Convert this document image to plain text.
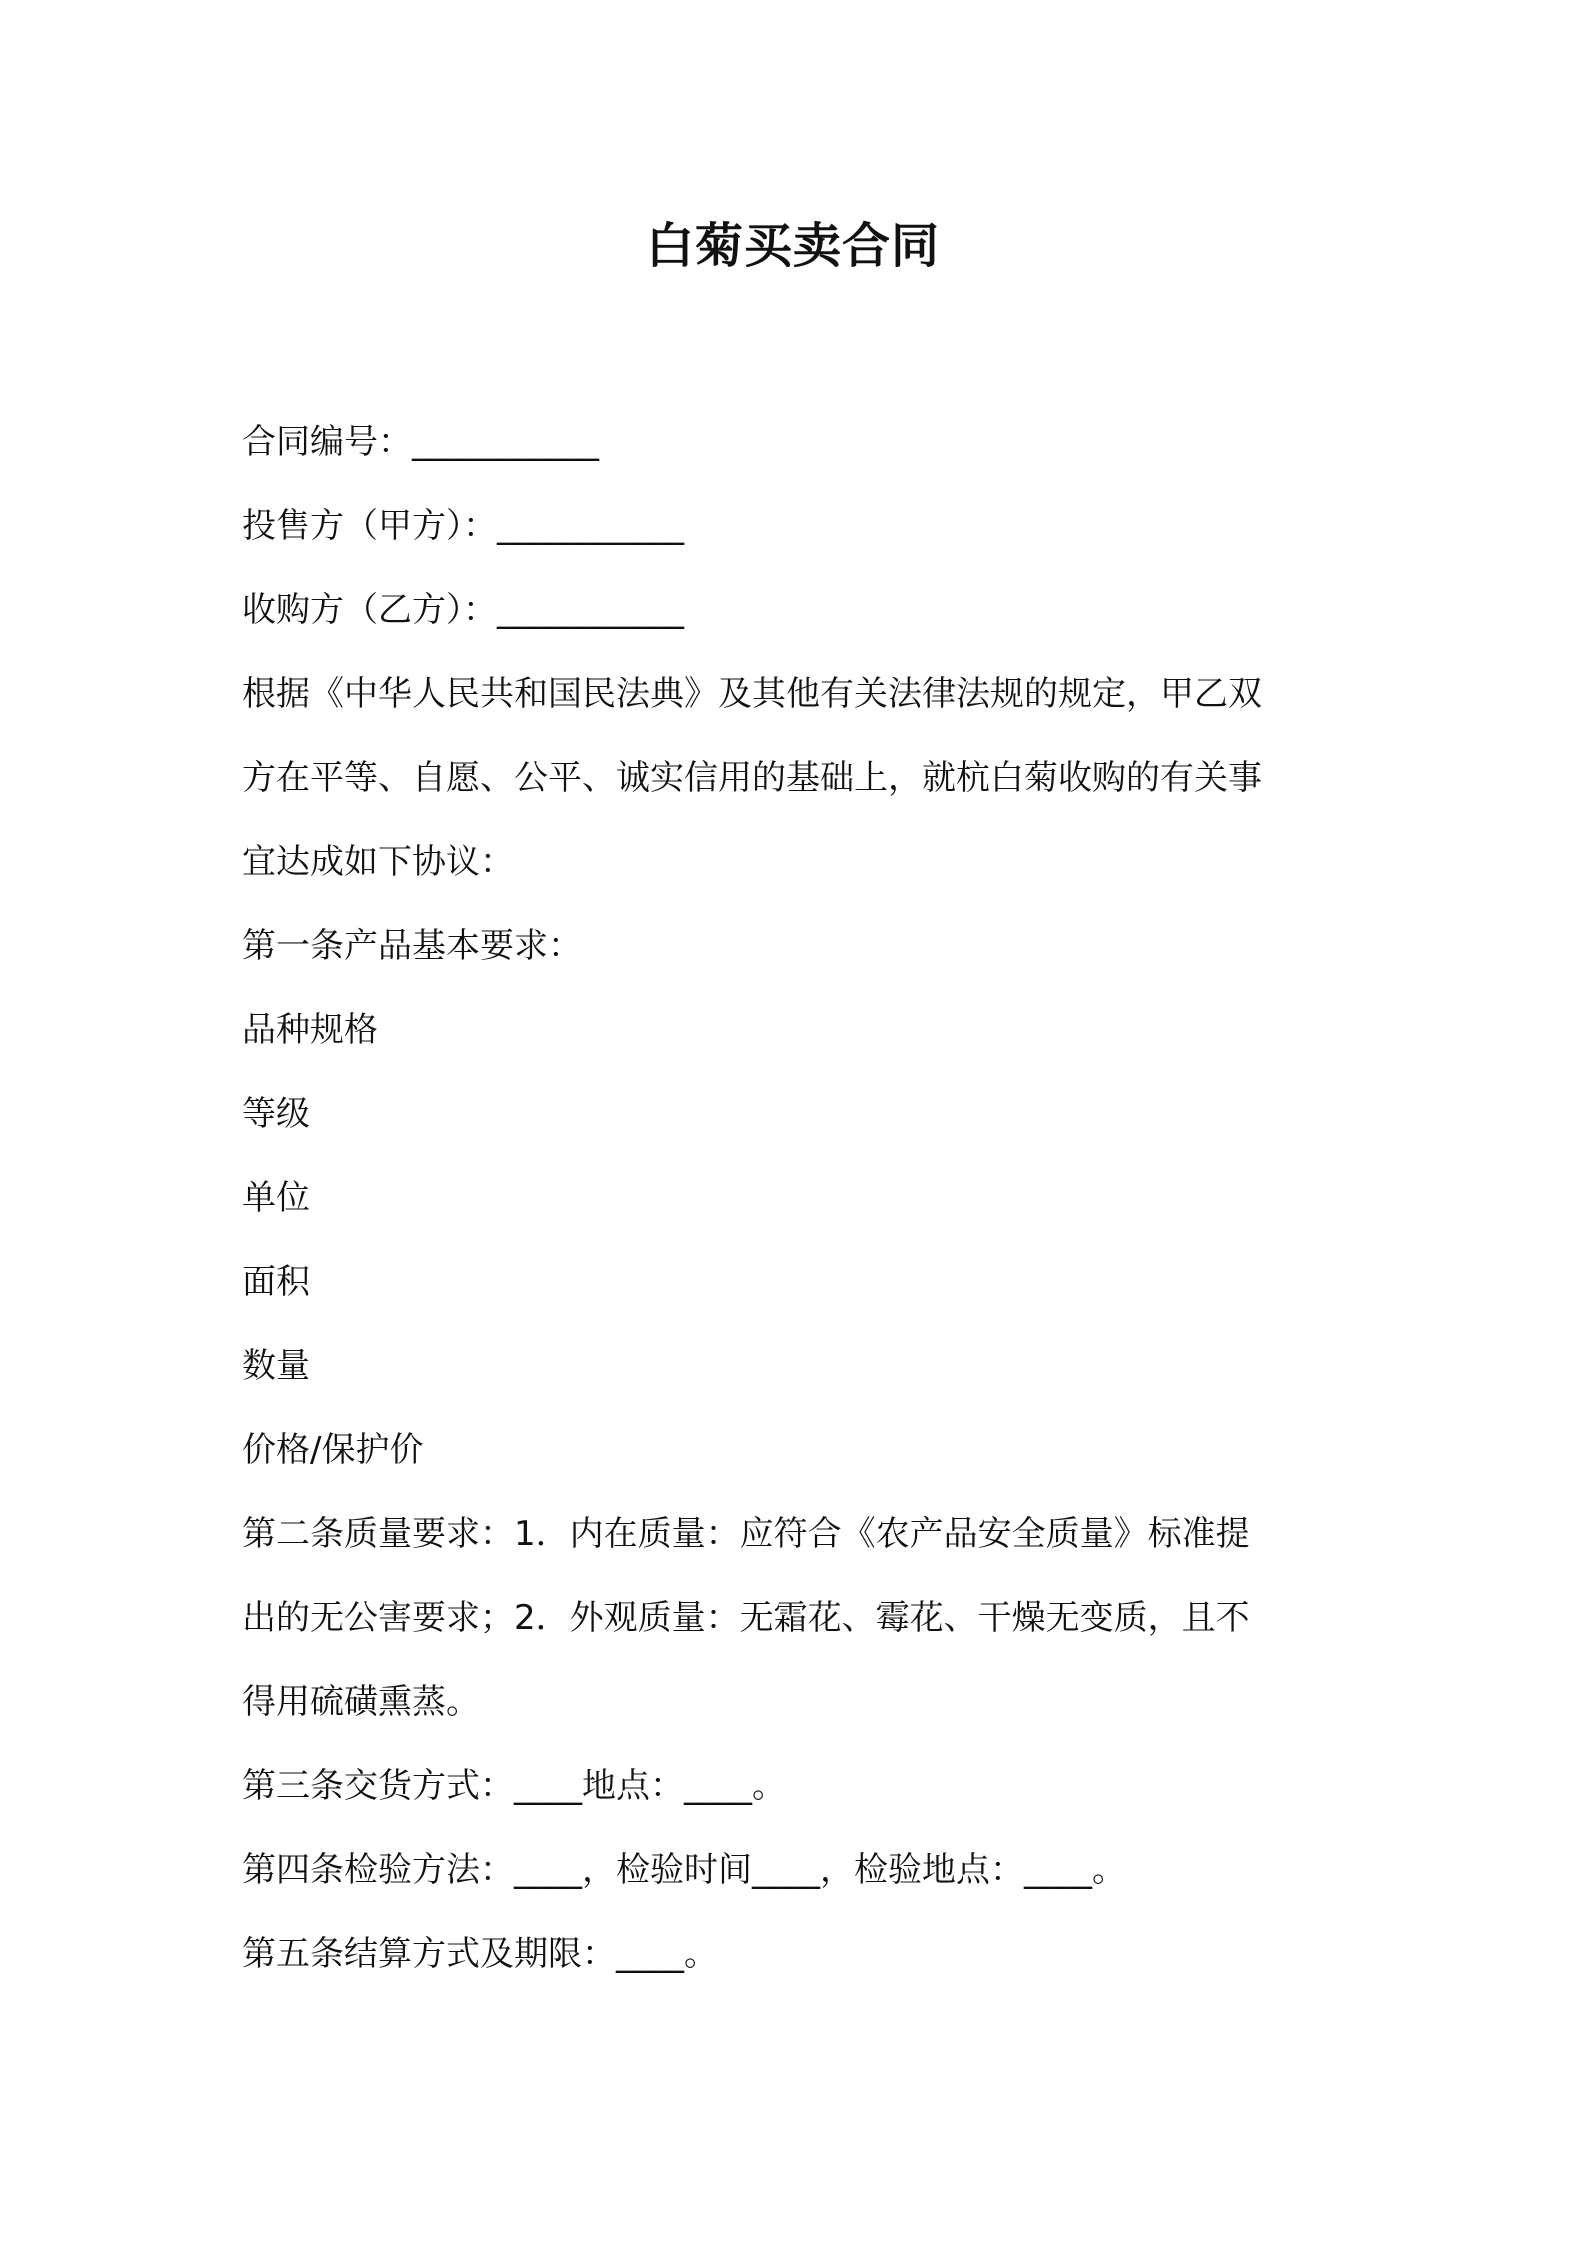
白菊买卖合同
合同编号：___________
投售方（甲方）：___________
收购方（乙方）：___________
根据《中华人民共和国民法典》及其他有关法律法规的规定，甲乙双
方在平等、自愿、公平、诚实信用的基础上，就杭白菊收购的有关事
宜达成如下协议：
第一条产品基本要求：
品种规格
等级
单位
面积
数量
价格/保护价
第二条质量要求：1．内在质量：应符合《农产品安全质量》标准提
出的无公害要求；2．外观质量：无霜花、霉花、干燥无变质，且不
得用硫磺熏蒸。
第三条交货方式：____地点：____。
第四条检验方法：____，检验时间____，检验地点：____。
第五条结算方式及期限：____。
